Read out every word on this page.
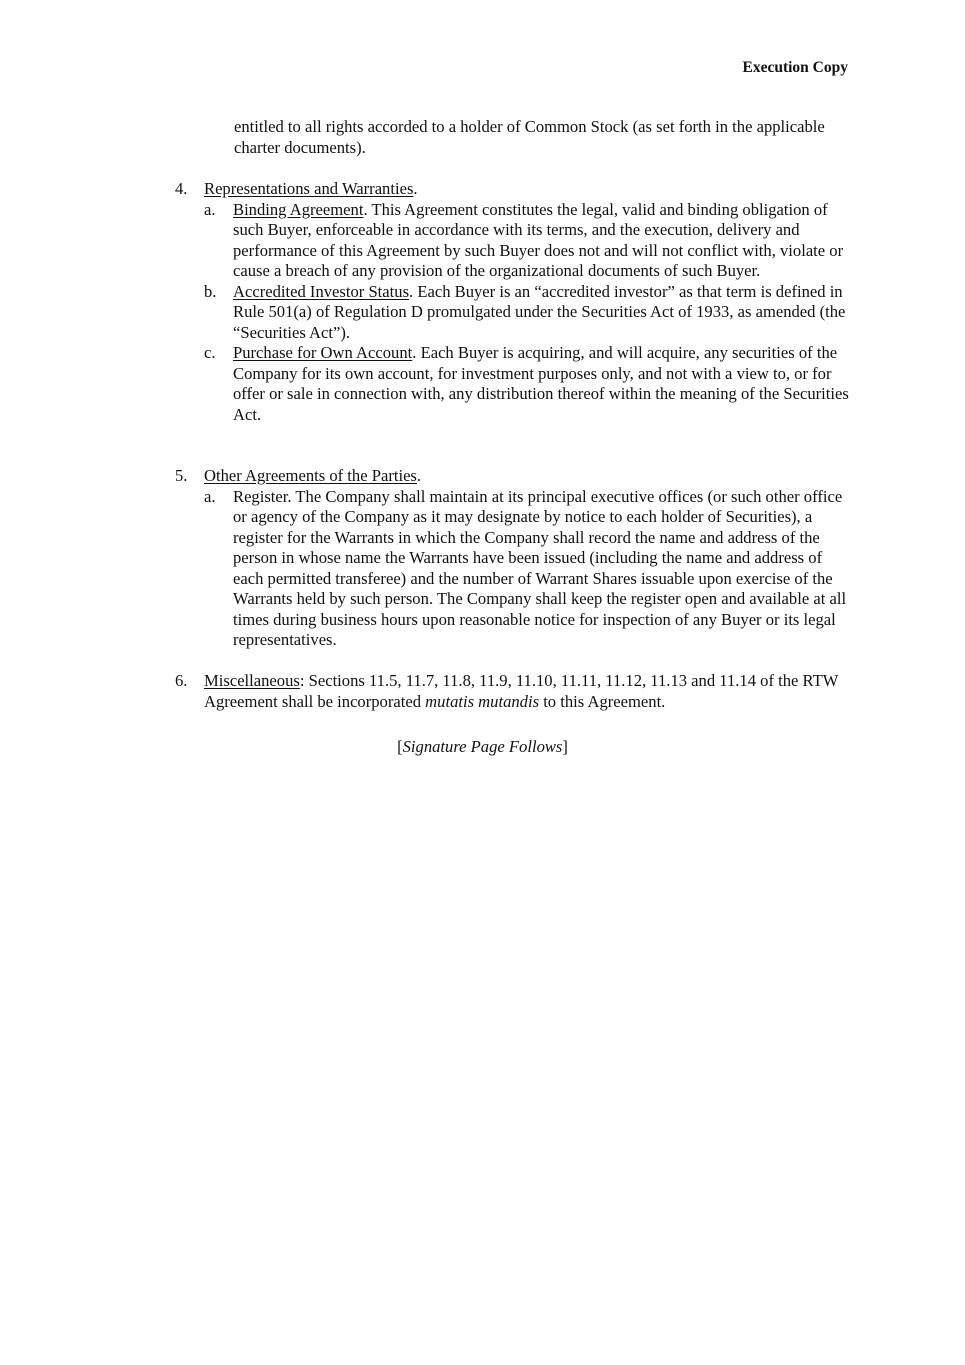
Execution Copy
entitled to all rights accorded to a holder of Common Stock (as set forth in the applicable charter documents).
4. Representations and Warranties.
a. Binding Agreement. This Agreement constitutes the legal, valid and binding obligation of such Buyer, enforceable in accordance with its terms, and the execution, delivery and performance of this Agreement by such Buyer does not and will not conflict with, violate or cause a breach of any provision of the organizational documents of such Buyer.
b. Accredited Investor Status. Each Buyer is an “accredited investor” as that term is defined in Rule 501(a) of Regulation D promulgated under the Securities Act of 1933, as amended (the “Securities Act”).
c. Purchase for Own Account. Each Buyer is acquiring, and will acquire, any securities of the Company for its own account, for investment purposes only, and not with a view to, or for offer or sale in connection with, any distribution thereof within the meaning of the Securities Act.
5. Other Agreements of the Parties.
a. Register. The Company shall maintain at its principal executive offices (or such other office or agency of the Company as it may designate by notice to each holder of Securities), a register for the Warrants in which the Company shall record the name and address of the person in whose name the Warrants have been issued (including the name and address of each permitted transferee) and the number of Warrant Shares issuable upon exercise of the Warrants held by such person. The Company shall keep the register open and available at all times during business hours upon reasonable notice for inspection of any Buyer or its legal representatives.
6. Miscellaneous: Sections 11.5, 11.7, 11.8, 11.9, 11.10, 11.11, 11.12, 11.13 and 11.14 of the RTW Agreement shall be incorporated mutatis mutandis to this Agreement.
[Signature Page Follows]
